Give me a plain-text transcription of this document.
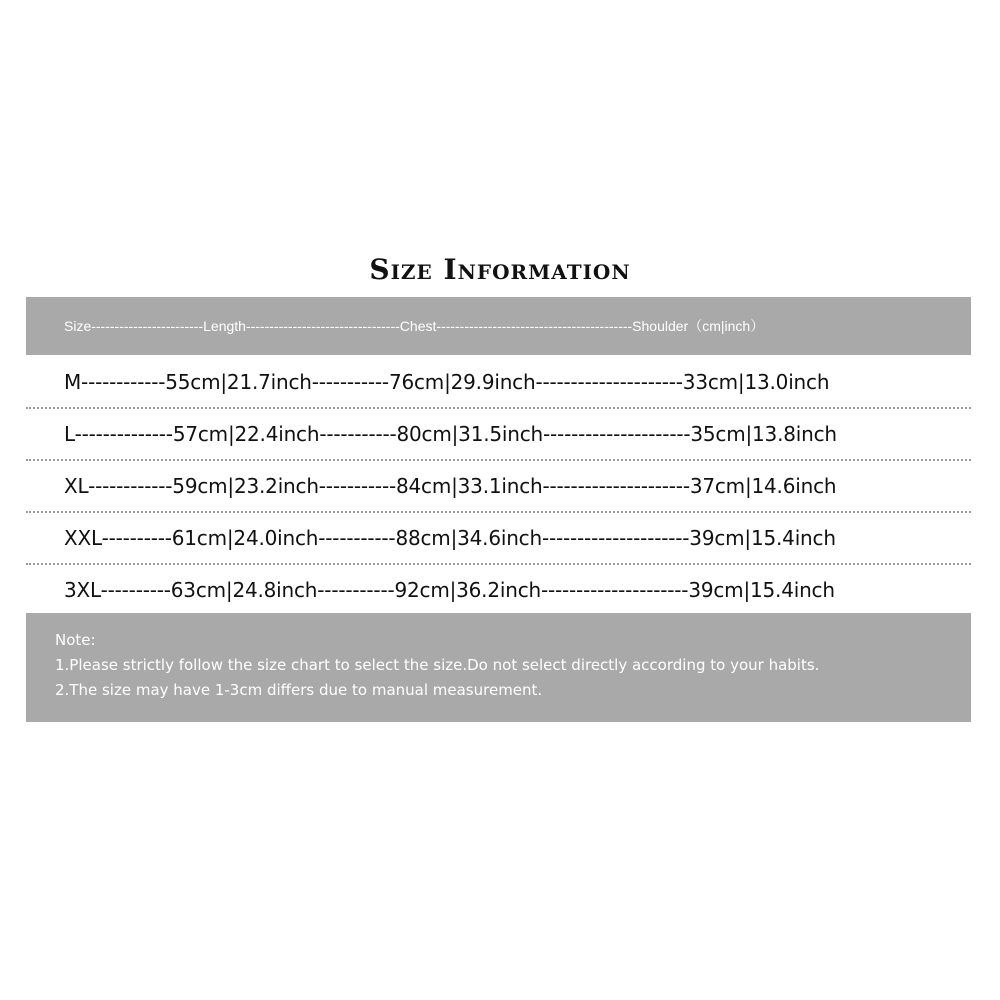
Size Information
Size------------------------Length---------------------------------Chest------------------------------------------Shoulder（cm|inch）
M------------55cm|21.7inch-----------76cm|29.9inch---------------------33cm|13.0inch
L--------------57cm|22.4inch-----------80cm|31.5inch---------------------35cm|13.8inch
XL------------59cm|23.2inch-----------84cm|33.1inch---------------------37cm|14.6inch
XXL----------61cm|24.0inch-----------88cm|34.6inch---------------------39cm|15.4inch
3XL----------63cm|24.8inch-----------92cm|36.2inch---------------------39cm|15.4inch
Note:
1.Please strictly follow the size chart to select the size.Do not select directly according to your habits.
2.The size may have 1-3cm differs due to manual measurement.
